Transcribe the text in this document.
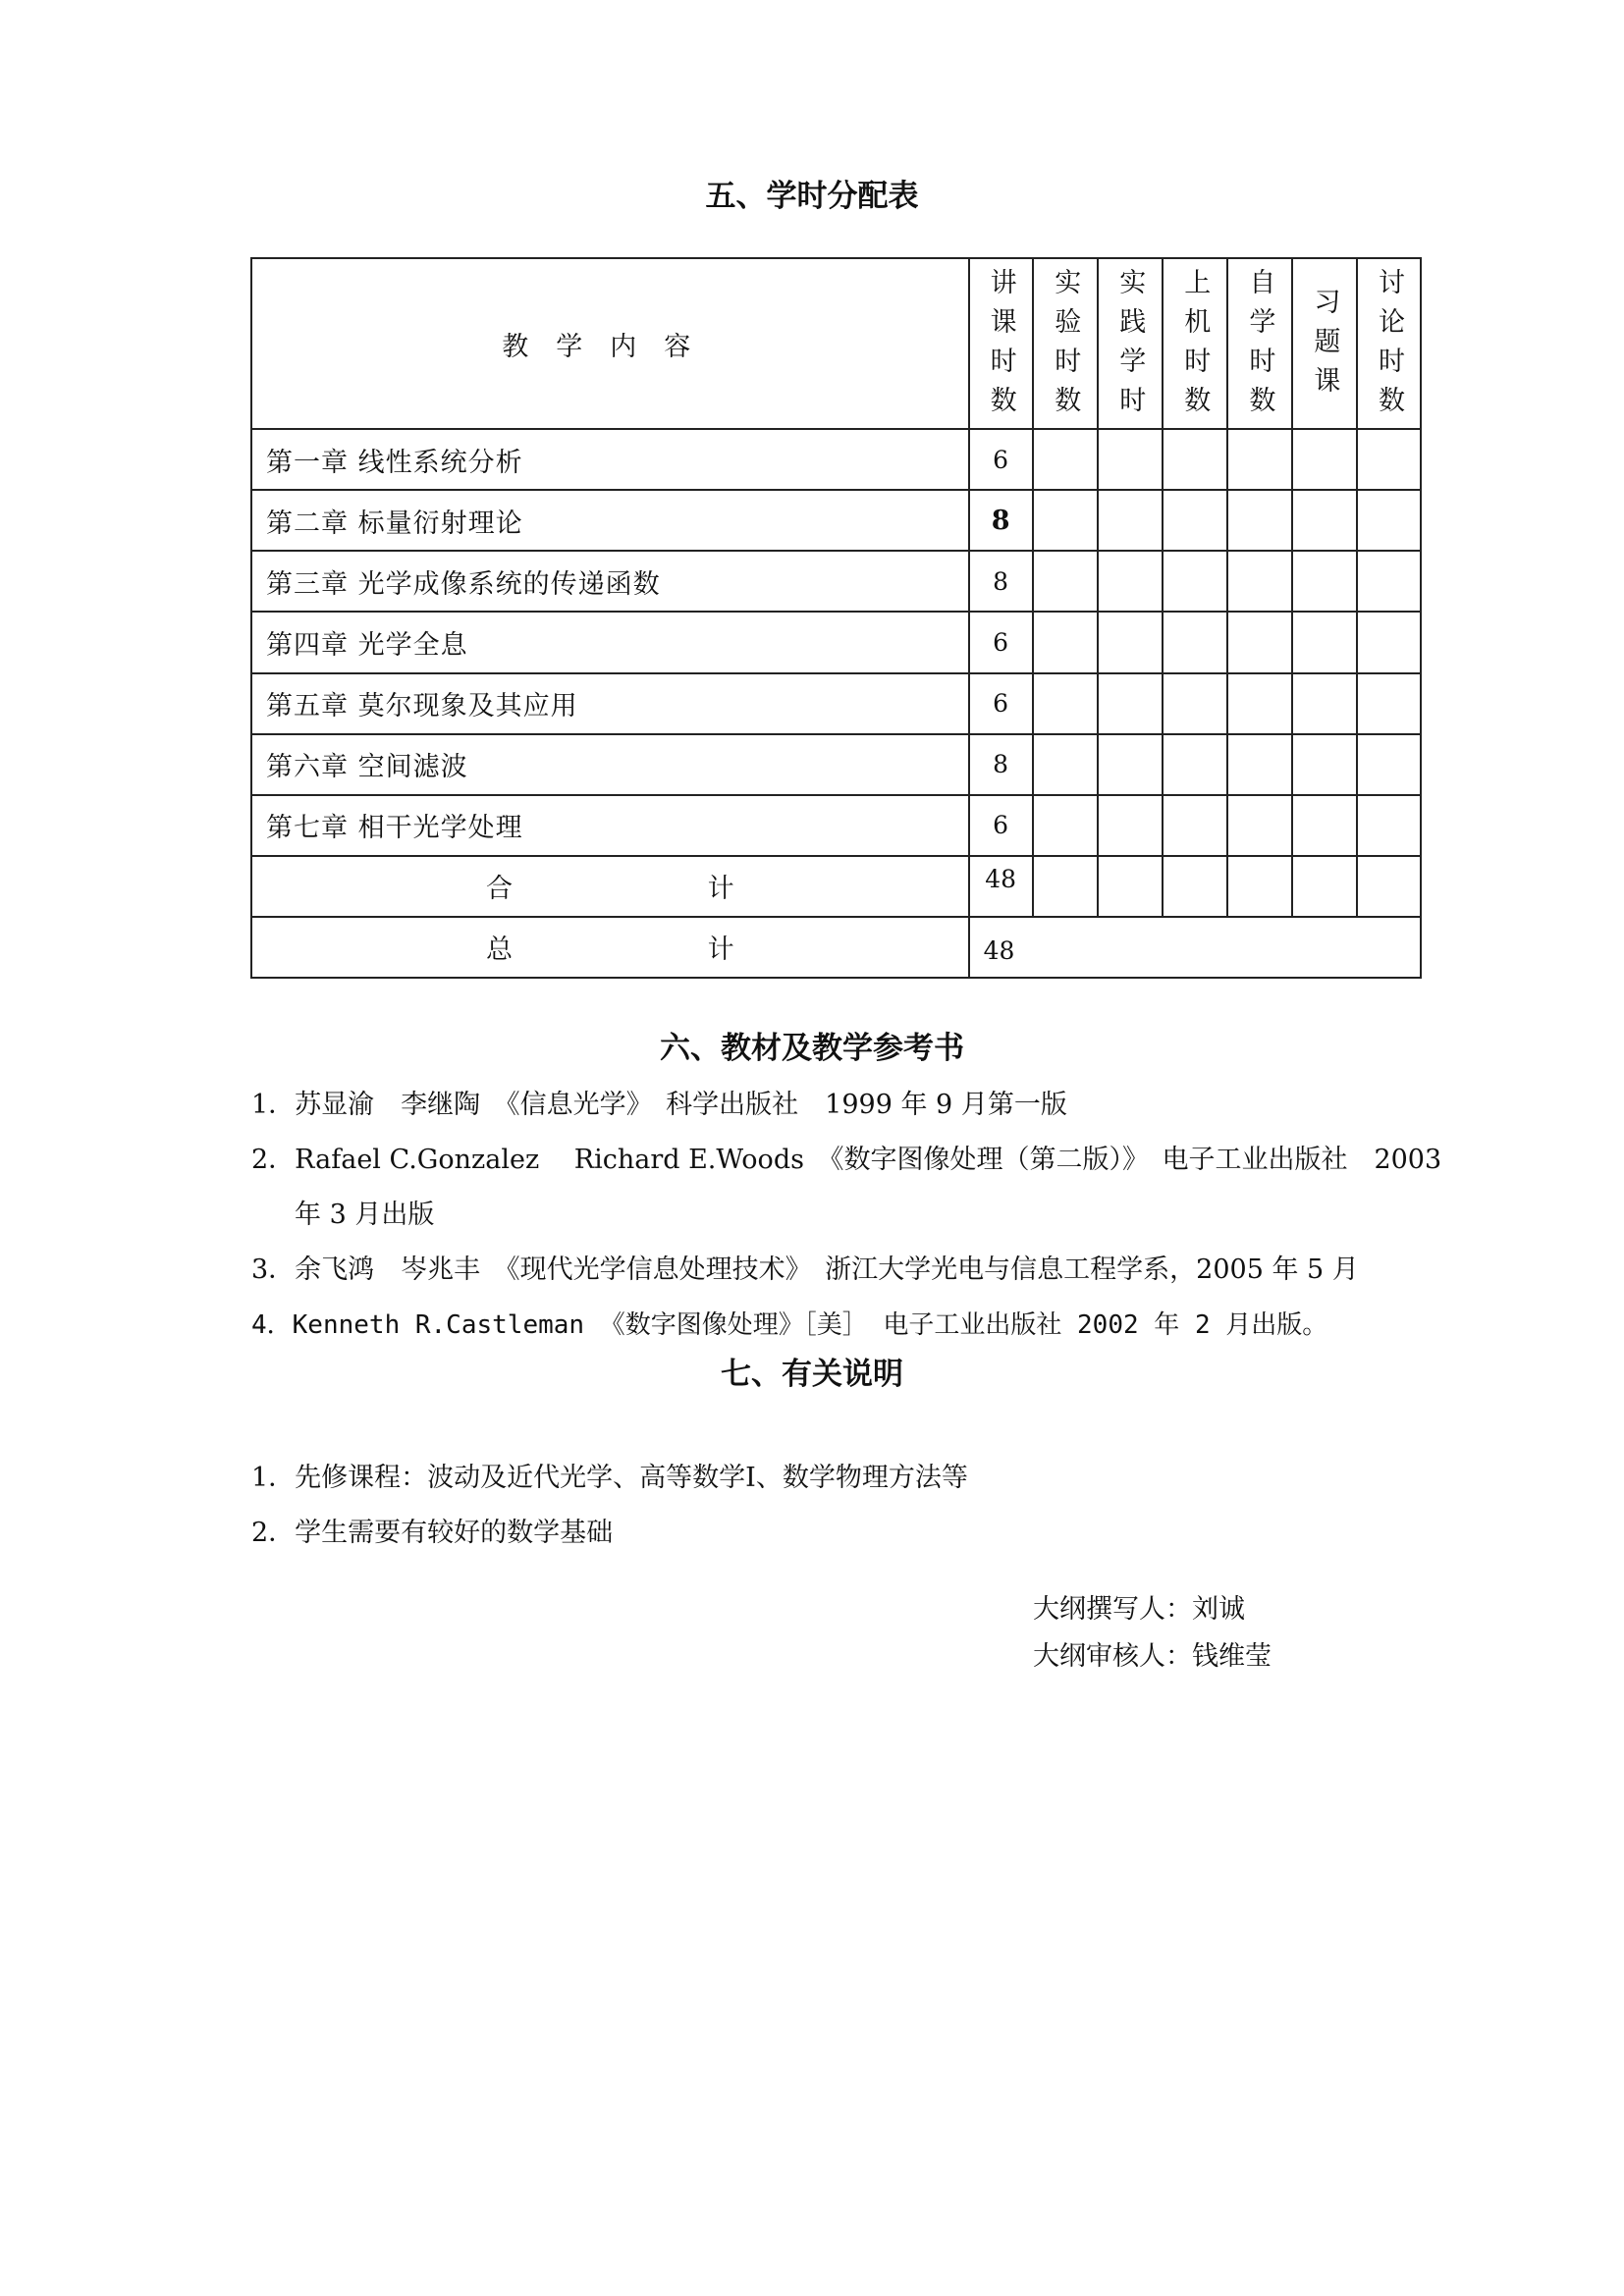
五、学时分配表
教学内容	讲课时数	实验时数	实践学时	上机时数	自学时数	习题课	讨论时数
第一章 线性系统分析	6						
第二章 标量衍射理论	8						
第三章 光学成像系统的传递函数	8						
第四章 光学全息	6						
第五章 莫尔现象及其应用	6						
第六章 空间滤波	8						
第七章 相干光学处理	6						
合 计	48						
总 计	48						
六、教材及教学参考书
1．苏显渝　李继陶　《信息光学》　科学出版社　1999 年 9 月第一版
2．Rafael C.Gonzalez　 Richard E.Woods　《数字图像处理（第二版）》　电子工业出版社　2003
年 3 月出版
3．余飞鸿　岑兆丰　《现代光学信息处理技术》　浙江大学光电与信息工程学系，2005 年 5 月
4．Kenneth R.Castleman 《数字图像处理》［美］ 电子工业出版社 2002 年 2 月出版。
七、有关说明
1．先修课程：波动及近代光学、高等数学Ⅰ、数学物理方法等
2．学生需要有较好的数学基础
大纲撰写人：刘诚
大纲审核人：钱维莹
